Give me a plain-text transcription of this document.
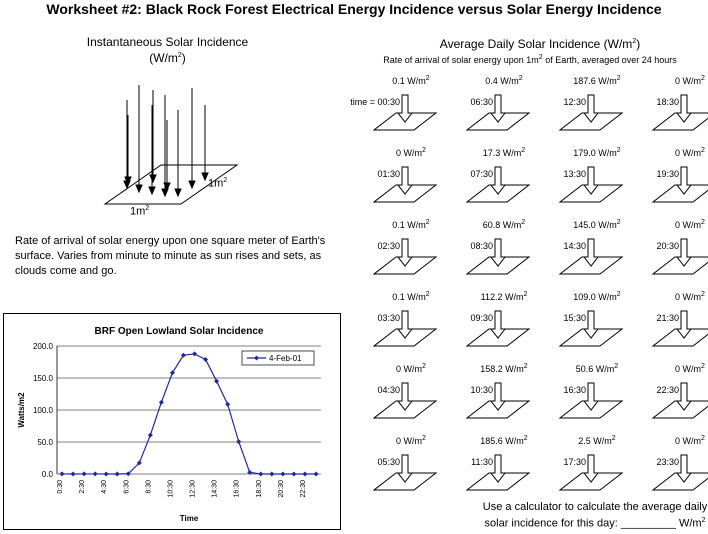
Worksheet #2: Black Rock Forest Electrical Energy Incidence versus Solar Energy Incidence
Instantaneous Solar Incidence
$(W/m^2)$
$1m^2$
$1m^2$
Rate of arrival of solar energy upon one square meter of Earth's surface. Varies from minute to minute as sun rises and sets, as clouds come and go.
BRF Open Lowland Solar Incidence
0.0
50.0
100.0
150.0
200.0
0:30 2:30 4:30 6:30 8:30 10:30 12:30 14:30 16:30 18:30 20:30 22:30
Watts/m2
Time
4-Feb-01
Average Daily Solar Incidence $(W/m^2)$
Rate of arrival of solar energy upon $1m^2$ of Earth, averaged over 24 hours
0.1 $W/m^2$
time = 00:30
0.4 $W/m^2$
06:30
187.6 $W/m^2$
12:30
0 $W/m^2$
18:30
0 $W/m^2$
01:30
17.3 $W/m^2$
07:30
179.0 $W/m^2$
13:30
0 $W/m^2$
19:30
0.1 $W/m^2$
02:30
60.8 $W/m^2$
08:30
145.0 $W/m^2$
14:30
0 $W/m^2$
20:30
0.1 $W/m^2$
03:30
112.2 $W/m^2$
09:30
109.0 $W/m^2$
15:30
0 $W/m^2$
21:30
0 $W/m^2$
04:30
158.2 $W/m^2$
10:30
50.6 $W/m^2$
16:30
0 $W/m^2$
22:30
0 $W/m^2$
05:30
185.6 $W/m^2$
11:30
2.5 $W/m^2$
17:30
0 $W/m^2$
23:30
Use a calculator to calculate the average daily
solar incidence for this day: _________ $W/m^2$
